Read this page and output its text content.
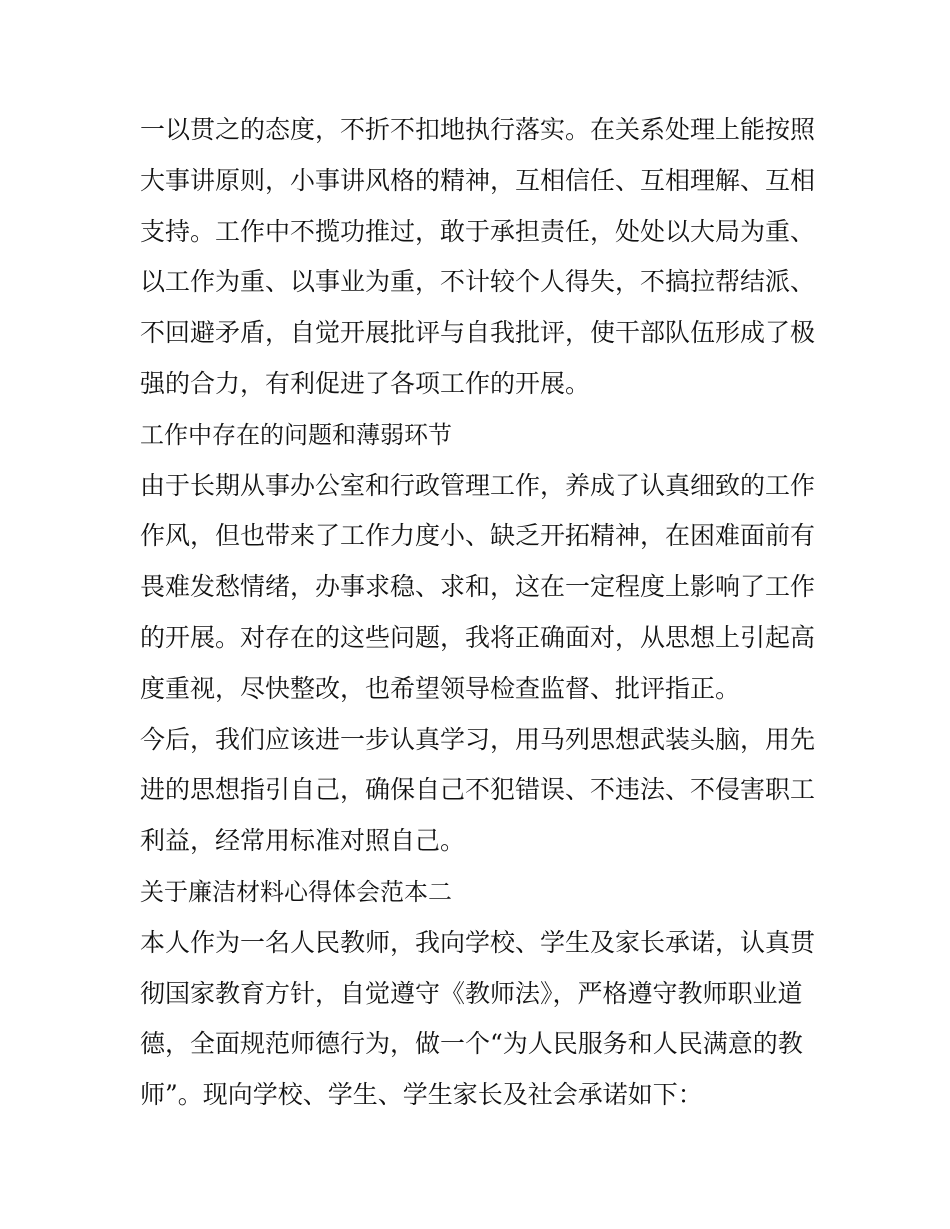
一以贯之的态度，不折不扣地执行落实。在关系处理上能按照
大事讲原则，小事讲风格的精神，互相信任、互相理解、互相
支持。工作中不揽功推过，敢于承担责任，处处以大局为重、
以工作为重、以事业为重，不计较个人得失，不搞拉帮结派、
不回避矛盾，自觉开展批评与自我批评，使干部队伍形成了极
强的合力，有利促进了各项工作的开展。
工作中存在的问题和薄弱环节
由于长期从事办公室和行政管理工作，养成了认真细致的工作
作风，但也带来了工作力度小、缺乏开拓精神，在困难面前有
畏难发愁情绪，办事求稳、求和，这在一定程度上影响了工作
的开展。对存在的这些问题，我将正确面对，从思想上引起高
度重视，尽快整改，也希望领导检查监督、批评指正。
今后，我们应该进一步认真学习，用马列思想武装头脑，用先
进的思想指引自己，确保自己不犯错误、不违法、不侵害职工
利益，经常用标准对照自己。
关于廉洁材料心得体会范本二
本人作为一名人民教师，我向学校、学生及家长承诺，认真贯
彻国家教育方针，自觉遵守《教师法》，严格遵守教师职业道
德，全面规范师德行为，做一个“为人民服务和人民满意的教
师”。现向学校、学生、学生家长及社会承诺如下：
